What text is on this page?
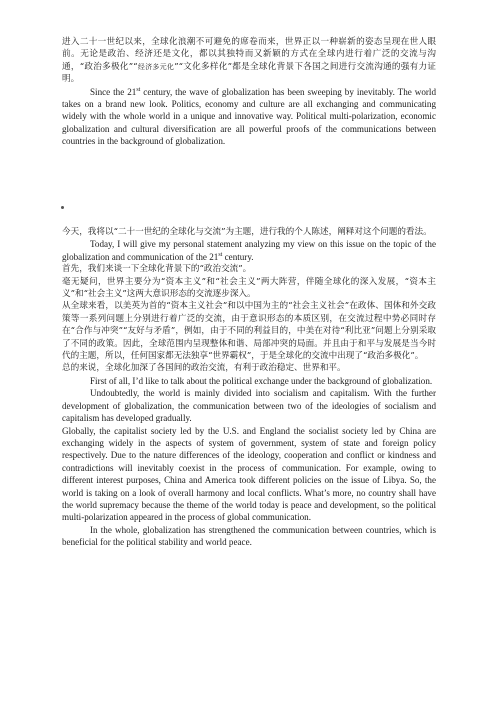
进入二十一世纪以来，全球化浪潮不可避免的席卷而来，世界正以一种崭新的姿态呈现在世人眼前。无论是政治、经济还是文化，都以其独特而又新颖的方式在全球内进行着广泛的交流与沟通，“政治多极化”“经济多元化”“文化多样化”都是全球化背景下各国之间进行交流沟通的强有力证明。

Since the 21st century, the wave of globalization has been sweeping by inevitably. The world takes on a brand new look. Politics, economy and culture are all exchanging and communicating widely with the whole world in a unique and innovative way. Political multi-polarization, economic globalization and cultural diversification are all powerful proofs of the communications between countries in the background of globalization.

今天，我将以“二十一世纪的全球化与交流”为主题，进行我的个人陈述，阐释对这个问题的看法。

Today, I will give my personal statement analyzing my view on this issue on the topic of the globalization and communication of the 21st century.

首先，我们来谈一下全球化背景下的“政治交流”。

毫无疑问，世界主要分为“资本主义”和“社会主义”两大阵营，伴随全球化的深入发展，“资本主义”和“社会主义”这两大意识形态的交流逐步深入。

从全球来看，以美英为首的“资本主义社会”和以中国为主的“社会主义社会”在政体、国体和外交政策等一系列问题上分别进行着广泛的交流，由于意识形态的本质区别，在交流过程中势必同时存在“合作与冲突”“友好与矛盾”，例如，由于不同的利益目的，中美在对待“利比亚”问题上分别采取了不同的政策。因此，全球范围内呈现整体和谐、局部冲突的局面。并且由于和平与发展是当今时代的主题，所以，任何国家都无法独享“世界霸权”，于是全球化的交流中出现了“政治多极化”。

总的来说，全球化加深了各国间的政治交流，有利于政治稳定、世界和平。

First of all, I’d like to talk about the political exchange under the background of globalization.

Undoubtedly, the world is mainly divided into socialism and capitalism. With the further development of globalization, the communication between two of the ideologies of socialism and capitalism has developed gradually.

Globally, the capitalist society led by the U.S. and England the socialist society led by China are exchanging widely in the aspects of system of government, system of state and foreign policy respectively. Due to the nature differences of the ideology, cooperation and conflict or kindness and contradictions will inevitably coexist in the process of communication. For example, owing to different interest purposes, China and America took different policies on the issue of Libya. So, the world is taking on a look of overall harmony and local conflicts. What’s more, no country shall have the world supremacy because the theme of the world today is peace and development, so the political multi-polarization appeared in the process of global communication.

In the whole, globalization has strengthened the communication between countries, which is beneficial for the political stability and world peace.
